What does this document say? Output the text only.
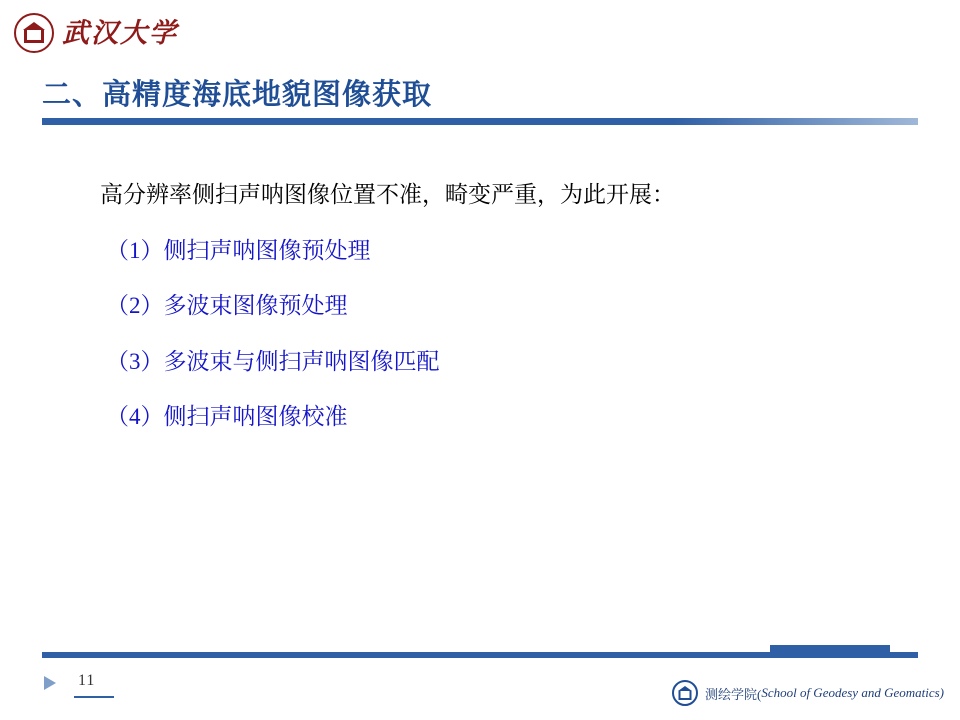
武汉大学
二、高精度海底地貌图像获取
高分辨率侧扫声呐图像位置不准，畸变严重，为此开展：
（1）侧扫声呐图像预处理
（2）多波束图像预处理
（3）多波束与侧扫声呐图像匹配
（4）侧扫声呐图像校准
11
测绘学院( School of Geodesy and Geomatics)
